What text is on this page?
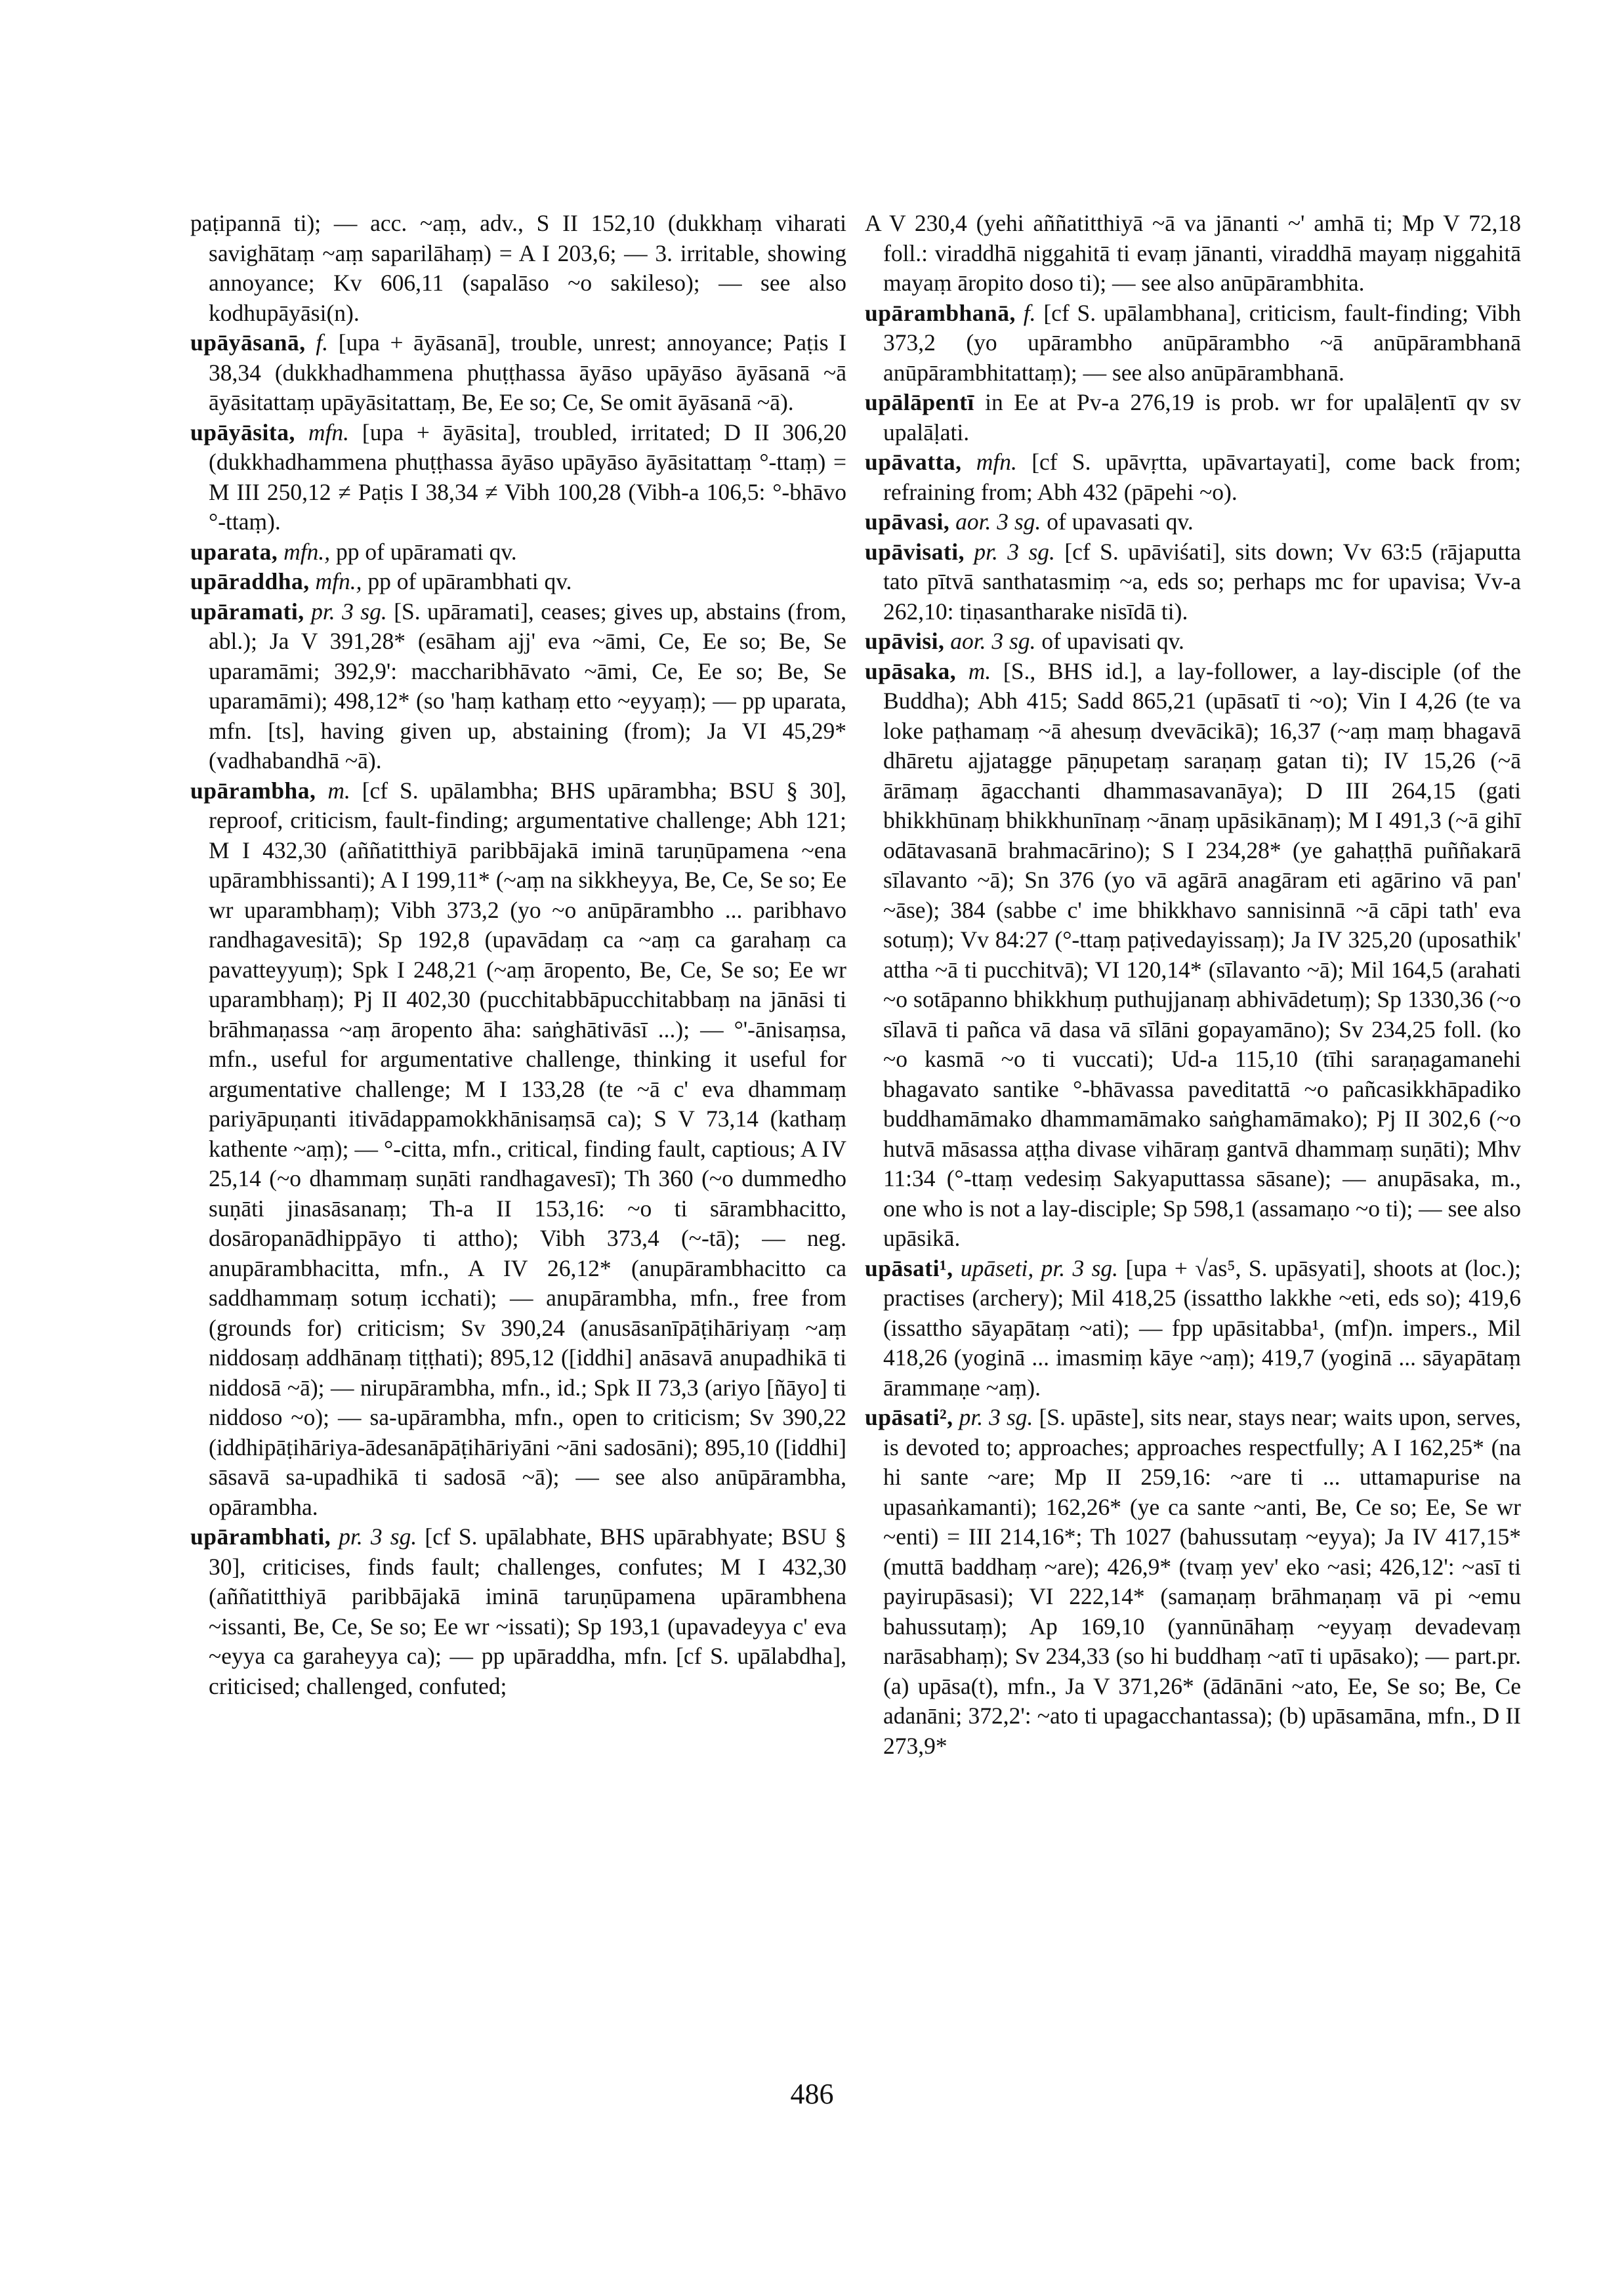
paṭipannā ti); — acc. ~aṃ, adv., S II 152,10 (dukkhaṃ viharati savighātaṃ ~aṃ saparilāhaṃ) = A I 203,6; — 3. irritable, showing annoyance; Kv 606,11 (sapalāso ~o sakileso); — see also kodhupāyāsi(n).

upāyāsanā, f. [upa + āyāsanā], trouble, unrest; annoyance; Paṭis I 38,34 (dukkhadhammena phuṭṭhassa āyāso upāyāso āyāsanā ~ā āyāsitattaṃ upāyāsitattaṃ, Be, Ee so; Ce, Se omit āyāsanā ~ā).

upāyāsita, mfn. [upa + āyāsita], troubled, irritated; D II 306,20 (dukkhadhammena phuṭṭhassa āyāso upāyāso āyāsitattaṃ °-ttaṃ) = M III 250,12 ≠ Paṭis I 38,34 ≠ Vibh 100,28 (Vibh-a 106,5: °-bhāvo °-ttaṃ).

uparata, mfn., pp of upāramati qv.

upāraddha, mfn., pp of upārambhati qv.

upāramati, pr. 3 sg. [S. upāramati], ceases; gives up, abstains (from, abl.); Ja V 391,28* (esāham ajj' eva ~āmi, Ce, Ee so; Be, Se uparamāmi; 392,9': maccharibhāvato ~āmi, Ce, Ee so; Be, Se uparamāmi); 498,12* (so 'haṃ kathaṃ etto ~eyyaṃ); — pp uparata, mfn. [ts], having given up, abstaining (from); Ja VI 45,29* (vadhabandhā ~ā).

upārambha, m. [cf S. upālambha; BHS upārambha; BSU § 30], reproof, criticism, fault-finding; argumentative challenge; Abh 121; M I 432,30 (aññatitthiyā paribbājakā iminā taruṇūpamena ~ena upārambhissanti); A I 199,11* (~aṃ na sikkheyya, Be, Ce, Se so; Ee wr uparambhaṃ); Vibh 373,2 (yo ~o anūpārambho ... paribhavo randhagavesitā); Sp 192,8 (upavādaṃ ca ~aṃ ca garahaṃ ca pavatteyyuṃ); Spk I 248,21 (~aṃ āropento, Be, Ce, Se so; Ee wr uparambhaṃ); Pj II 402,30 (pucchitabbāpucchitabbaṃ na jānāsi ti brāhmaṇassa ~aṃ āropento āha: saṅghātivāsī ...); — °'-ānisaṃsa, mfn., useful for argumentative challenge, thinking it useful for argumentative challenge; M I 133,28 (te ~ā c' eva dhammaṃ pariyāpuṇanti itivādappamokkhānisaṃsā ca); S V 73,14 (kathaṃ kathente ~aṃ); — °-citta, mfn., critical, finding fault, captious; A IV 25,14 (~o dhammaṃ suṇāti randhagavesī); Th 360 (~o dummedho suṇāti jinasāsanaṃ; Th-a II 153,16: ~o ti sārambhacitto, dosāropanādhippāyo ti attho); Vibh 373,4 (~-tā); — neg. anupārambhacitta, mfn., A IV 26,12* (anupārambhacitto ca saddhammaṃ sotuṃ icchati); — anupārambha, mfn., free from (grounds for) criticism; Sv 390,24 (anusāsanīpāṭihāriyaṃ ~aṃ niddosaṃ addhānaṃ tiṭṭhati); 895,12 ([iddhi] anāsavā anupadhikā ti niddosā ~ā); — nirupārambha, mfn., id.; Spk II 73,3 (ariyo [ñāyo] ti niddoso ~o); — sa-upārambha, mfn., open to criticism; Sv 390,22 (iddhipāṭihāriya-ādesanāpāṭihāriyāni ~āni sadosāni); 895,10 ([iddhi] sāsavā sa-upadhikā ti sadosā ~ā); — see also anūpārambha, opārambha.

upārambhati, pr. 3 sg. [cf S. upālabhate, BHS upārabhyate; BSU § 30], criticises, finds fault; challenges, confutes; M I 432,30 (aññatitthiyā paribbājakā iminā taruṇūpamena upārambhena ~issanti, Be, Ce, Se so; Ee wr ~issati); Sp 193,1 (upavadeyya c' eva ~eyya ca garaheyya ca); — pp upāraddha, mfn. [cf S. upālabdha], criticised; challenged, confuted;

A V 230,4 (yehi aññatitthiyā ~ā va jānanti ~' amhā ti; Mp V 72,18 foll.: viraddhā niggahitā ti evaṃ jānanti, viraddhā mayaṃ niggahitā mayaṃ āropito doso ti); — see also anūpārambhita.

upārambhanā, f. [cf S. upālambhana], criticism, fault-finding; Vibh 373,2 (yo upārambho anūpārambho ~ā anūpārambhanā anūpārambhitattaṃ); — see also anūpārambhanā.

upālāpentī in Ee at Pv-a 276,19 is prob. wr for upalāḷentī qv sv upalāḷati.

upāvatta, mfn. [cf S. upāvṛtta, upāvartayati], come back from; refraining from; Abh 432 (pāpehi ~o).

upāvasi, aor. 3 sg. of upavasati qv.

upāvisati, pr. 3 sg. [cf S. upāviśati], sits down; Vv 63:5 (rājaputta tato pītvā santhatasmiṃ ~a, eds so; perhaps mc for upavisa; Vv-a 262,10: tiṇasantharake nisīdā ti).

upāvisi, aor. 3 sg. of upavisati qv.

upāsaka, m. [S., BHS id.], a lay-follower, a lay-disciple (of the Buddha); Abh 415; Sadd 865,21 (upāsatī ti ~o); Vin I 4,26 (te va loke paṭhamaṃ ~ā ahesuṃ dvevācikā); 16,37 (~aṃ maṃ bhagavā dhāretu ajjatagge pāṇupetaṃ saraṇaṃ gatan ti); IV 15,26 (~ā ārāmaṃ āgacchanti dhammasavanāya); D III 264,15 (gati bhikkhūnaṃ bhikkhunīnaṃ ~ānaṃ upāsikānaṃ); M I 491,3 (~ā gihī odātavasanā brahmacārino); S I 234,28* (ye gahaṭṭhā puññakarā sīlavanto ~ā); Sn 376 (yo vā agārā anagāram eti agārino vā pan' ~āse); 384 (sabbe c' ime bhikkhavo sannisinnā ~ā cāpi tath' eva sotuṃ); Vv 84:27 (°-ttaṃ paṭivedayissaṃ); Ja IV 325,20 (uposathik' attha ~ā ti pucchitvā); VI 120,14* (sīlavanto ~ā); Mil 164,5 (arahati ~o sotāpanno bhikkhuṃ puthujjanaṃ abhivādetuṃ); Sp 1330,36 (~o sīlavā ti pañca vā dasa vā sīlāni gopayamāno); Sv 234,25 foll. (ko ~o kasmā ~o ti vuccati); Ud-a 115,10 (tīhi saraṇagamanehi bhagavato santike °-bhāvassa paveditattā ~o pañcasikkhāpadiko buddhamāmako dhammamāmako saṅghamāmako); Pj II 302,6 (~o hutvā māsassa aṭṭha divase vihāraṃ gantvā dhammaṃ suṇāti); Mhv 11:34 (°-ttaṃ vedesiṃ Sakyaputtassa sāsane); — anupāsaka, m., one who is not a lay-disciple; Sp 598,1 (assamaṇo ~o ti); — see also upāsikā.

upāsati¹, upāseti, pr. 3 sg. [upa + √as⁵, S. upāsyati], shoots at (loc.); practises (archery); Mil 418,25 (issattho lakkhe ~eti, eds so); 419,6 (issattho sāyapātaṃ ~ati); — fpp upāsitabba¹, (mf)n. impers., Mil 418,26 (yoginā ... imasmiṃ kāye ~aṃ); 419,7 (yoginā ... sāyapātaṃ ārammaṇe ~aṃ).

upāsati², pr. 3 sg. [S. upāste], sits near, stays near; waits upon, serves, is devoted to; approaches; approaches respectfully; A I 162,25* (na hi sante ~are; Mp II 259,16: ~are ti ... uttamapurise na upasaṅkamanti); 162,26* (ye ca sante ~anti, Be, Ce so; Ee, Se wr ~enti) = III 214,16*; Th 1027 (bahussutaṃ ~eyya); Ja IV 417,15* (muttā baddhaṃ ~are); 426,9* (tvaṃ yev' eko ~asi; 426,12': ~asī ti payirupāsasi); VI 222,14* (samaṇaṃ brāhmaṇaṃ vā pi ~emu bahussutaṃ); Ap 169,10 (yannūnāhaṃ ~eyyaṃ devadevaṃ narāsabhaṃ); Sv 234,33 (so hi buddhaṃ ~atī ti upāsako); — part.pr. (a) upāsa(t), mfn., Ja V 371,26* (ādānāni ~ato, Ee, Se so; Be, Ce adanāni; 372,2': ~ato ti upagacchantassa); (b) upāsamāna, mfn., D II 273,9*

486
